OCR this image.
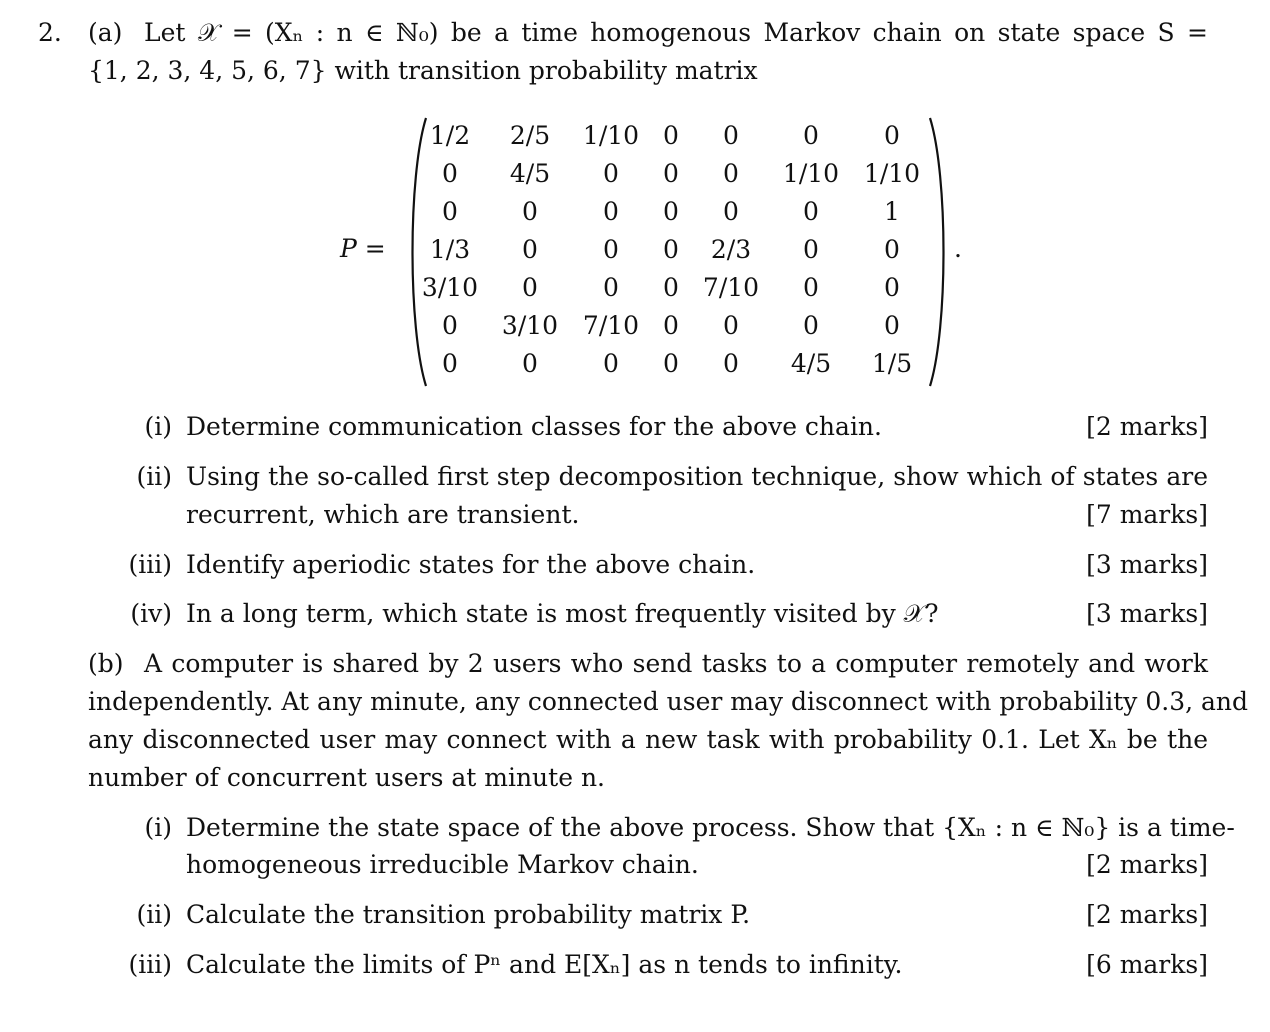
2. (a) Let 𝒳 = (Xₙ : n ∈ ℕ₀) be a time homogenous Markov chain on state space S =
{1, 2, 3, 4, 5, 6, 7} with transition probability matrix
P =
1/2 2/5 1/10 0 0	0	0
0 4/5 0 0 0 1/10 1/10
0	0	0 0 0	0	1
1/3 0	0 0 2/3 0	0
3/10 0	0 0 7/10 0	0
0 3/10 7/10 0 0	0	0
0	0	0 0 0 4/5 1/5
.
(i) Determine communication classes for the above chain.	[2 marks]
(ii) Using the so-called first step decomposition technique, show which of states are
recurrent, which are transient.	[7 marks]
(iii) Identify aperiodic states for the above chain.	[3 marks]
(iv) In a long term, which state is most frequently visited by 𝒳?	[3 marks]
(b) A computer is shared by 2 users who send tasks to a computer remotely and work
independently. At any minute, any connected user may disconnect with probability 0.3, and
any disconnected user may connect with a new task with probability 0.1. Let Xₙ be the
number of concurrent users at minute n.
(i) Determine the state space of the above process. Show that {Xₙ : n ∈ ℕ₀} is a time-
homogeneous irreducible Markov chain.	[2 marks]
(ii) Calculate the transition probability matrix P.	[2 marks]
(iii) Calculate the limits of Pⁿ and E[Xₙ] as n tends to infinity.	[6 marks]
